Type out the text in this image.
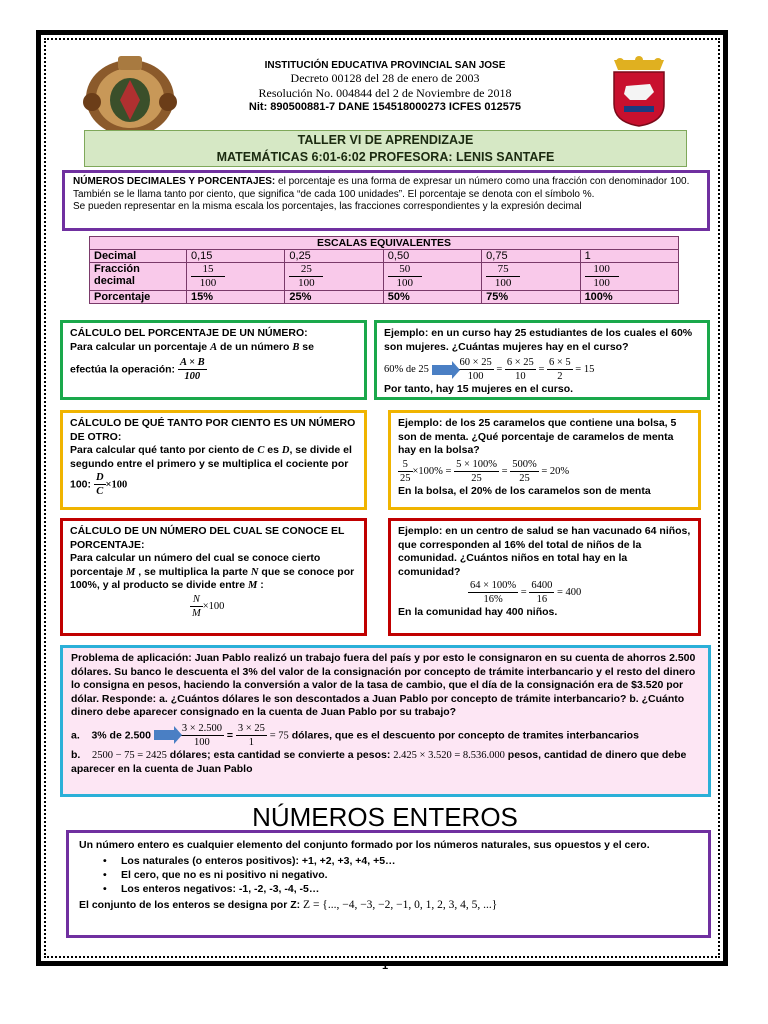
INSTITUCIÓN EDUCATIVA PROVINCIAL SAN JOSE
Decreto 00128 del 28 de enero de 2003
Resolución No. 004844 del 2 de Noviembre de 2018
Nit: 890500881-7 DANE 154518000273 ICFES 012575
TALLER VI DE APRENDIZAJE
MATEMÁTICAS 6:01-6:02 PROFESORA: LENIS SANTAFE
NÚMEROS DECIMALES Y PORCENTAJES: el porcentaje es una forma de expresar un número como una fracción con denominador 100. También se le llama tanto por ciento, que significa “de cada 100 unidades”. El porcentaje se denota con el símbolo %.
Se pueden representar en la misma escala los porcentajes, las fracciones correspondientes y la expresión decimal
ESCALAS EQUIVALENTES					
Decimal	0,15	0,25	0,50	0,75	1
Fracción decimal	$\frac{15}{100}$	$\frac{25}{100}$	$\frac{50}{100}$	$\frac{75}{100}$	$\frac{100}{100}$

Porcentaje	15%	25%	50%	75%	100%
CÁLCULO DEL PORCENTAJE DE UN NÚMERO:
Para calcular un porcentaje A de un número B se
efectúa la operación: $\frac{A \times B}{100}$
Ejemplo: en un curso hay 25 estudiantes de los cuales el 60% son mujeres. ¿Cuántas mujeres hay en el curso?
60% de 25	$\frac{60 \times 25}{100} = \frac{6 \times 25}{10} = \frac{6 \times 5}{2} = 15$
Por tanto, hay 15 mujeres en el curso.
CÁLCULO DE QUÉ TANTO POR CIENTO ES UN NÚMERO DE OTRO:
Para calcular qué tanto por ciento de C es D, se divide el segundo entre el primero y se multiplica el cociente por 100: $\frac{D}{C} \times 100$
Ejemplo: de los 25 caramelos que contiene una bolsa, 5 son de menta. ¿Qué porcentaje de caramelos de menta hay en la bolsa?
$\frac{5}{25} \times 100\% = \frac{5 \times 100\%}{25} = \frac{500\%}{25} = 20\%$
En la bolsa, el 20% de los caramelos son de menta
CÁLCULO DE UN NÚMERO DEL CUAL SE CONOCE EL PORCENTAJE:
Para calcular un número del cual se conoce cierto porcentaje M , se multiplica la parte N que se conoce por 100%, y al producto se divide entre M :
$\frac{N}{M} \times 100$
Ejemplo: en un centro de salud se han vacunado 64 niños, que corresponden al 16% del total de niños de la comunidad. ¿Cuántos niños en total hay en la comunidad?
$\frac{64 \times 100\%}{16\%} = \frac{6400}{16} = 400$
En la comunidad hay 400 niños.
Problema de aplicación: Juan Pablo realizó un trabajo fuera del país y por esto le consignaron en su cuenta de ahorros 2.500 dólares. Su banco le descuenta el 3% del valor de la consignación por concepto de trámite interbancario y el resto del dinero lo consigna en pesos, haciendo la conversión a valor de la tasa de cambio, que el día de la consignación era de $3.520 por dólar. Responde: a. ¿Cuántos dólares le son descontados a Juan Pablo por concepto de trámite interbancario? b. ¿Cuánto dinero debe aparecer consignado en la cuenta de Juan Pablo por su trabajo?
a. 3% de 2.500	$\frac{3 \times 2.500}{100} = \frac{3 \times 25}{1} = 75$ dólares, que es el descuento por concepto de tramites interbancarios
b. 2500 − 75 = 2425 dólares; esta cantidad se convierte a pesos: 2.425 × 3.520 = 8.536.000 pesos, cantidad de dinero que debe aparecer en la cuenta de Juan Pablo
NÚMEROS ENTEROS
Un número entero es cualquier elemento del conjunto formado por los números naturales, sus opuestos y el cero.
• Los naturales (o enteros positivos): +1, +2, +3, +4, +5…
• El cero, que no es ni positivo ni negativo.
• Los enteros negativos: -1, -2, -3, -4, -5…
El conjunto de los enteros se designa por Z: Z = {..., −4, −3, −2, −1, 0, 1, 2, 3, 4, 5, ...}
1
